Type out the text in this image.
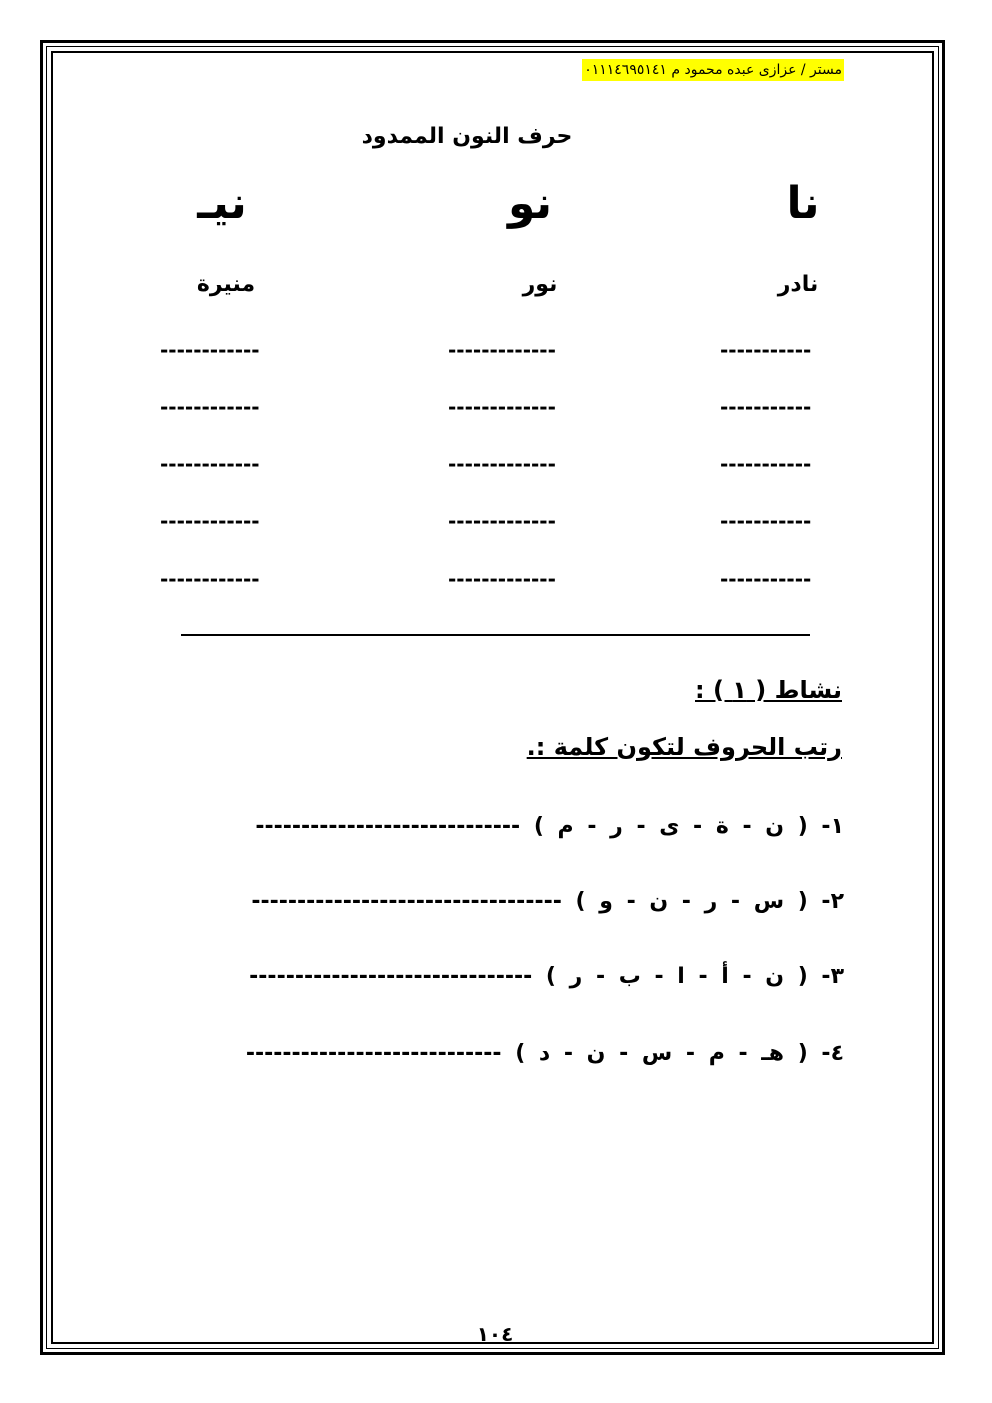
مستر / عزازى عبده محمود م ٠١١١٤٦٩٥١٤١
حرف النون الممدود
نا
نو
نيـ
نادر
نور
منيرة
-----------
-------------
------------
-----------
-------------
------------
-----------
-------------
------------
-----------
-------------
------------
-----------
-------------
------------
نشاط ( ١ ) :
رتب الحروف لتكون كلمة :.
١- ( ن - ة - ى - ر - م ) -----------------------------
٢- ( س - ر - ن - و ) ----------------------------------
٣- ( ن - أ - ا - ب - ر ) -------------------------------
٤- ( هـ - م - س - ن - د ) ----------------------------
١٠٤
